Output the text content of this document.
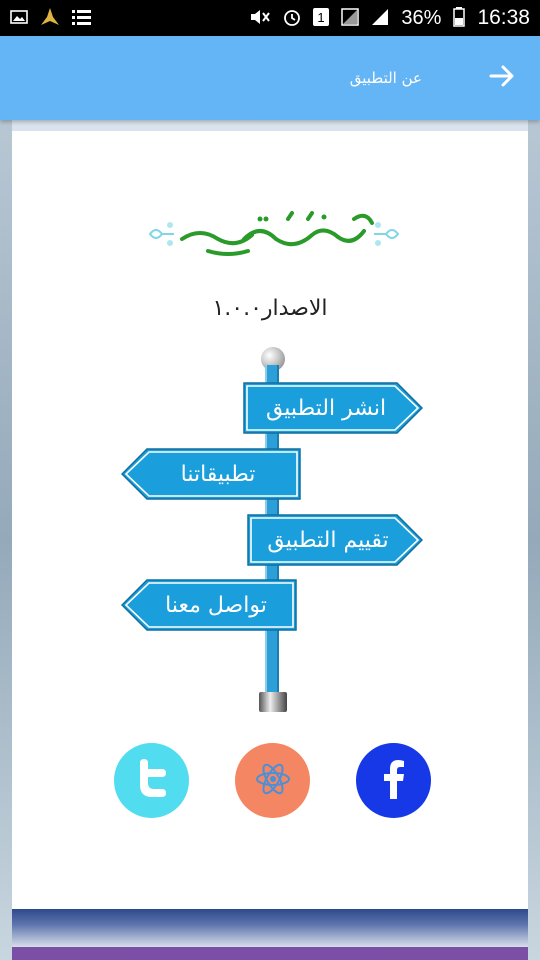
1	36% 16:38
عن التطبيق
الاصدار١.٠.٠
انشر التطبيق
تطبيقاتنا
تقييم التطبيق
تواصل معنا
